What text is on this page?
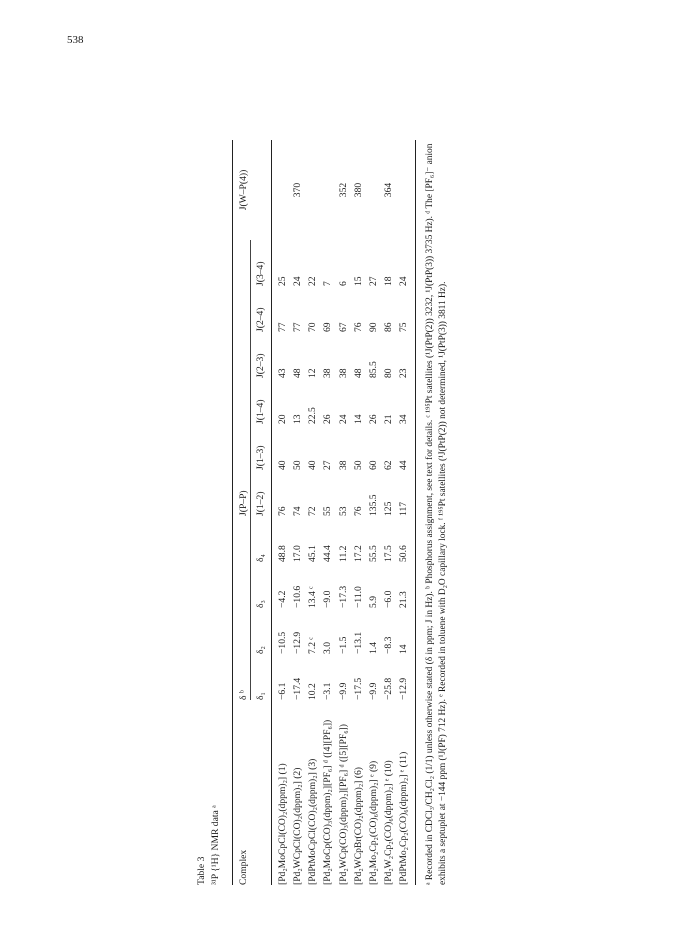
538

Table 3 ³¹P {¹H} NMR data ᵃ Complex	δ ᵇ				J(P–P)						J(W–P(4))
	δ₁	δ₂	δ₃	δ₄	J(1–2)	J(1–3)	J(1–4)	J(2–3)	J(2–4)	J(3–4)	
[Pd₂MoCpCl(CO)₂(dppm)₂] (1)	−6.1	−10.5	−4.2	48.8	76	40	20	43	77	25	
[Pd₂WCpCl(CO)₂(dppm)₂] (2)	−17.4	−12.9	−10.6	17.0	74	50	13	48	77	24	370
[PdPtMoCpCl(CO)₂(dppm)₂] (3)	10.2	7.2 ᶜ	13.4 ᶜ	45.1	72	40	22.5	12	70	22	
[Pd₂MoCp(CO)₃(dppm)₂][PF₆] ᵈ ([4][PF₆])	−3.1	3.0	−9.0	44.4	55	27	26	38	69	7	
[Pd₂WCp(CO)₃(dppm)₂][PF₆] ᵈ ([5][PF₆])	−9.9	−1.5	−17.3	11.2	53	38	24	38	67	6	352
[Pd₂WCpBr(CO)₂(dppm)₂] (6)	−17.5	−13.1	−11.0	17.2	76	50	14	48	76	15	380
[Pd₂Mo₂Cp₂(CO)₆(dppm)₂] ᵉ (9)	−9.9	1.4	5.9	55.5	135.5	60	26	85.5	90	27	
[Pd₂W₂Cp₂(CO)₆(dppm)₂] ᵉ (10)	−25.8	−8.3	−6.0	17.5	125	62	21	80	86	18	364
[PdPtMo₂Cp₂(CO)₆(dppm)₂] ᵉ (11)	−12.9	14	21.3	50.6	117	44	34	23	75	24	ᵃ Recorded in CDCl₃/CH₂Cl₂ (1/1) unless otherwise stated (δ in ppm; J in Hz). ᵇ Phosphorus assignment, see text for details. ᶜ ¹⁹⁵Pt satellites (¹J(PtP(2)) 3232, ¹J(PtP(3)) 3735 Hz). ᵈ The [PF₆]⁻ anion exhibits a septuplet at −144 ppm (¹J(PF) 712 Hz). ᵉ Recorded in toluene with D₂O capillary lock. ᶠ ¹⁹⁵Pt satellites (¹J(PtP(2)) not determined, ¹J(PtP(3)) 3811 Hz).
